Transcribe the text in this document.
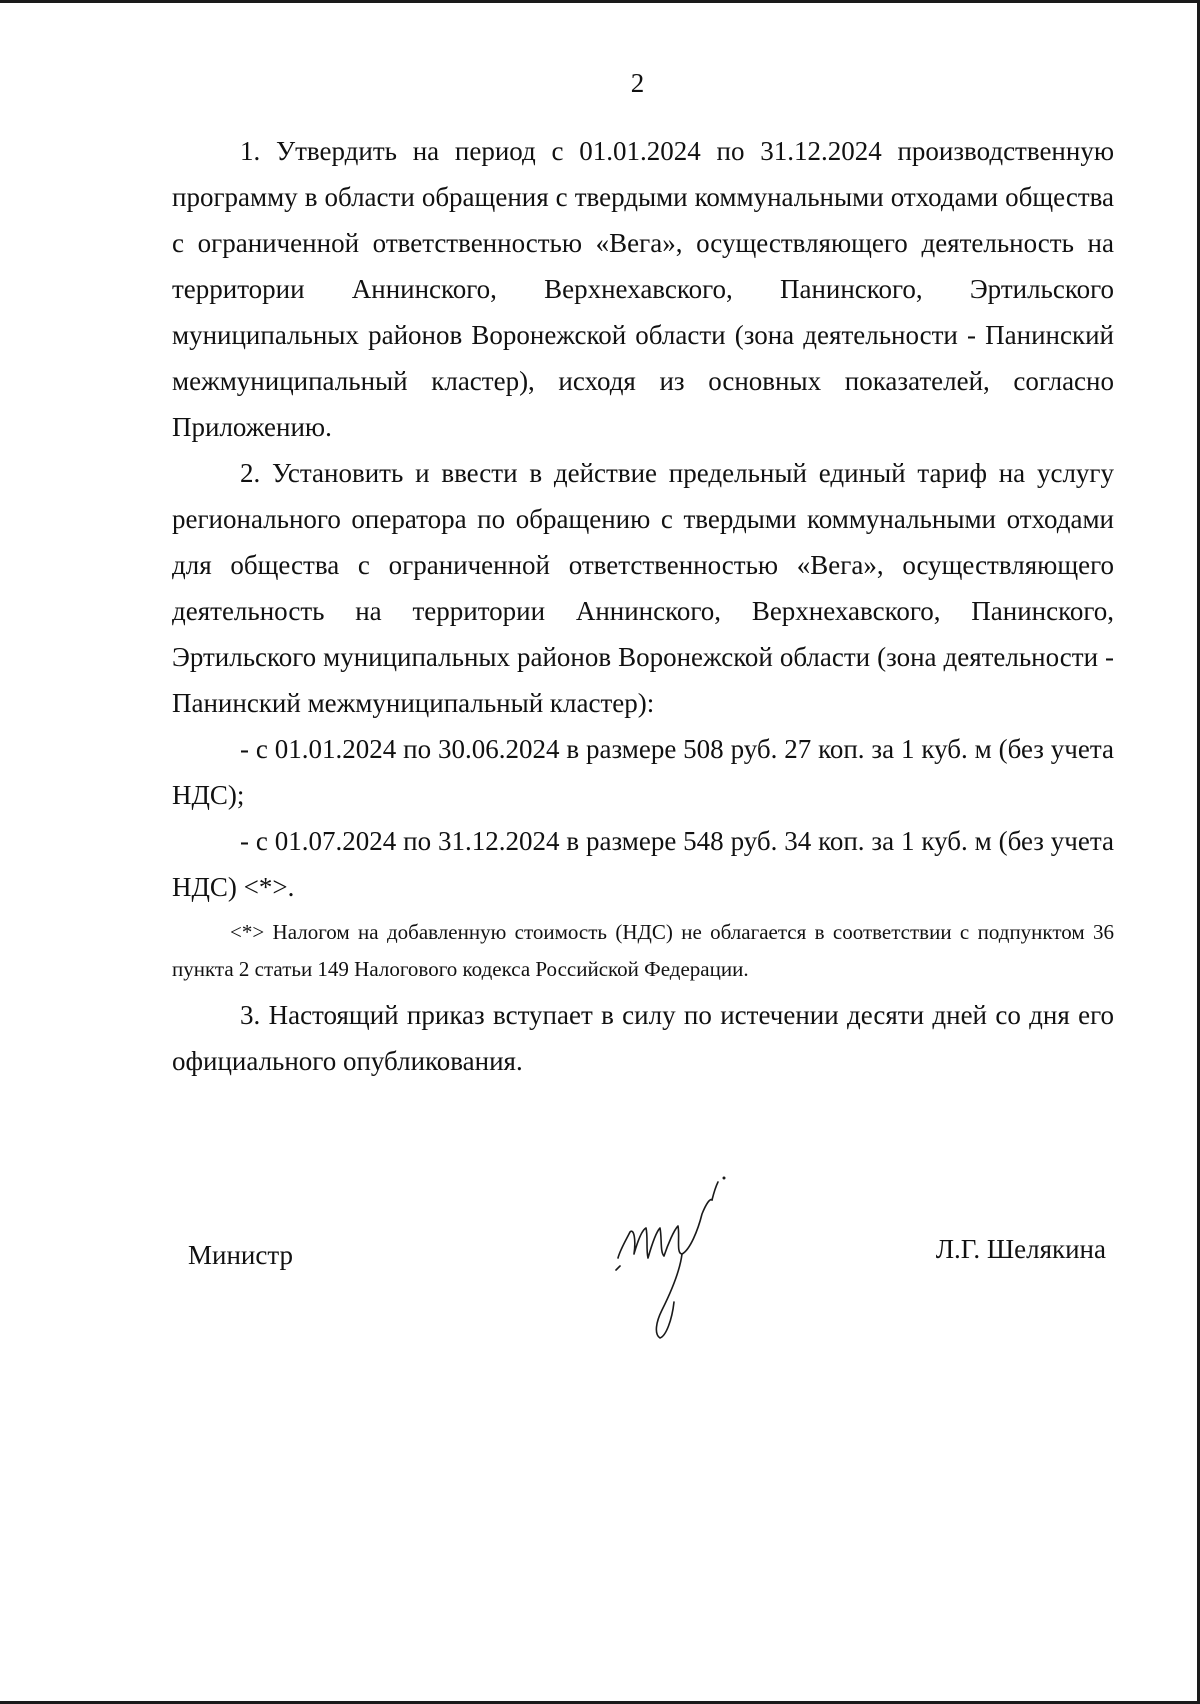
2

1. Утвердить на период с 01.01.2024 по 31.12.2024 производственную программу в области обращения с твердыми коммунальными отходами общества с ограниченной ответственностью «Вега», осуществляющего деятельность на территории Аннинского, Верхнехавского, Панинского, Эртильского муниципальных районов Воронежской области (зона деятельности - Панинский межмуниципальный кластер), исходя из основных показателей, согласно Приложению.

2. Установить и ввести в действие предельный единый тариф на услугу регионального оператора по обращению с твердыми коммунальными отходами для общества с ограниченной ответственностью «Вега», осуществляющего деятельность на территории Аннинского, Верхнехавского, Панинского, Эртильского муниципальных районов Воронежской области (зона деятельности - Панинский межмуниципальный кластер):

- с 01.01.2024 по 30.06.2024 в размере 508 руб. 27 коп. за 1 куб. м (без учета НДС);

- с 01.07.2024 по 31.12.2024 в размере 548 руб. 34 коп. за 1 куб. м (без учета НДС) <*>.

<*> Налогом на добавленную стоимость (НДС) не облагается в соответствии с подпунктом 36 пункта 2 статьи 149 Налогового кодекса Российской Федерации.

3. Настоящий приказ вступает в силу по истечении десяти дней со дня его официального опубликования.

Министр	Л.Г. Шелякина
